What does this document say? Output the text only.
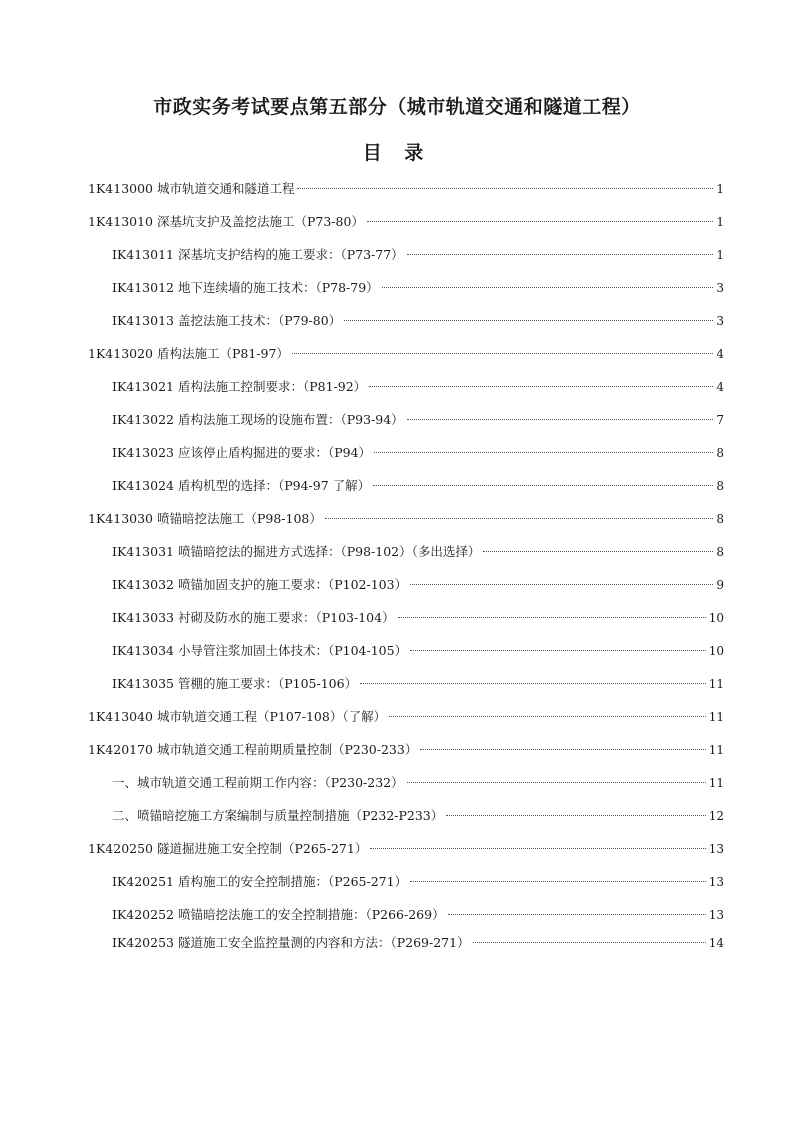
市政实务考试要点第五部分（城市轨道交通和隧道工程）
目 录
1K413000 城市轨道交通和隧道工程	1
1K413010 深基坑支护及盖挖法施工（P73-80）	1
IK413011 深基坑支护结构的施工要求：（P73-77）	1
IK413012 地下连续墙的施工技术：（P78-79）	3
IK413013 盖挖法施工技术：（P79-80）	3
1K413020 盾构法施工（P81-97）	4
IK413021 盾构法施工控制要求：（P81-92）	4
IK413022 盾构法施工现场的设施布置：（P93-94）	7
IK413023 应该停止盾构掘进的要求：（P94）	8
IK413024 盾构机型的选择：（P94-97 了解）	8
1K413030 喷锚暗挖法施工（P98-108）	8
IK413031 喷锚暗挖法的掘进方式选择：（P98-102）（多出选择）	8
IK413032 喷锚加固支护的施工要求：（P102-103）	9
IK413033 衬砌及防水的施工要求：（P103-104）	10
IK413034 小导管注浆加固土体技术：（P104-105）	10
IK413035 管棚的施工要求：（P105-106）	11
1K413040 城市轨道交通工程（P107-108）（了解）	11
1K420170 城市轨道交通工程前期质量控制（P230-233）	11
一、城市轨道交通工程前期工作内容：（P230-232）	11
二、喷锚暗挖施工方案编制与质量控制措施（P232-P233）	12
1K420250 隧道掘进施工安全控制（P265-271）	13
IK420251 盾构施工的安全控制措施：（P265-271）	13
IK420252 喷锚暗挖法施工的安全控制措施：（P266-269）	13
IK420253 隧道施工安全监控量测的内容和方法：（P269-271）	14
